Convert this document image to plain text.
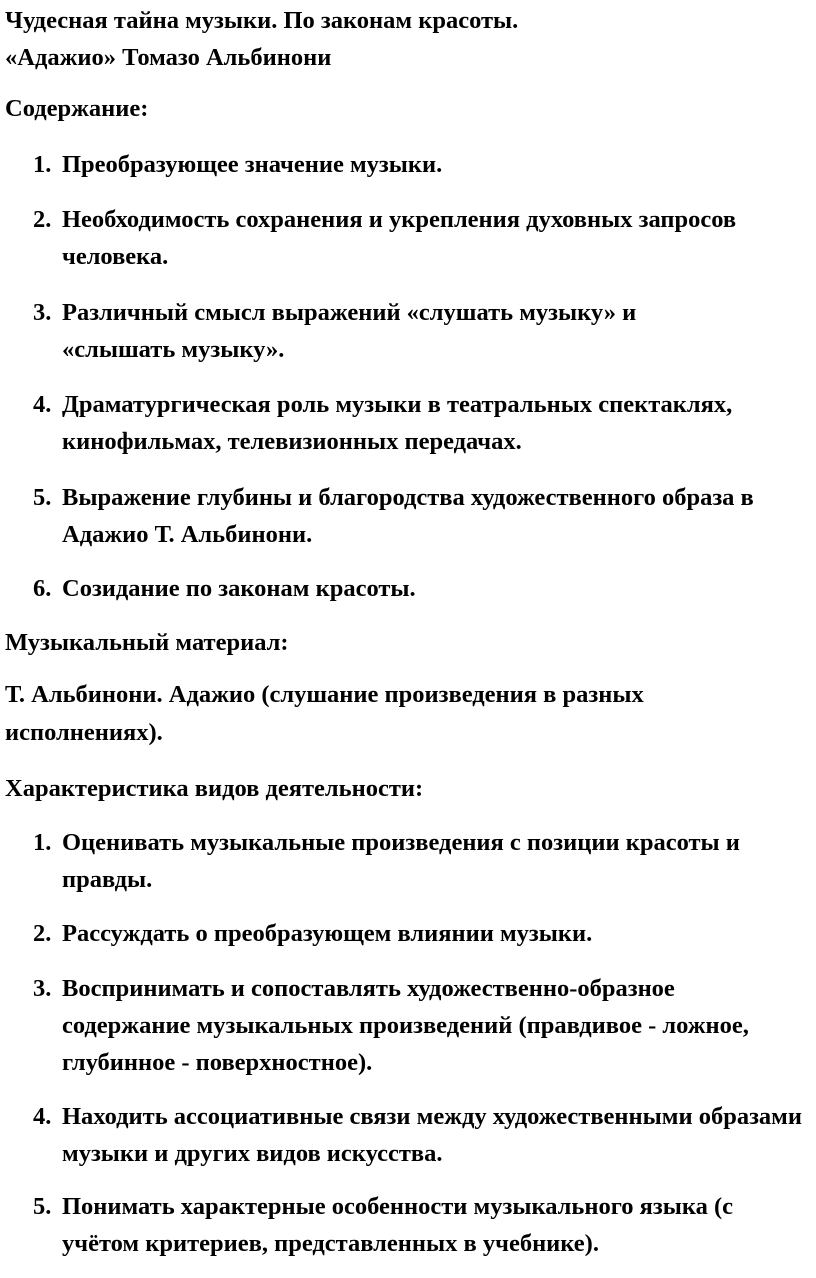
Чудесная тайна музыки. По законам красоты. «Адажио» Томазо Альбинони

Содержание:

1. Преобразующее значение музыки.
2. Необходимость сохранения и укрепления духовных запросов человека.
3. Различный смысл выражений «слушать музыку» и «слышать музыку».
4. Драматургическая роль музыки в театральных спектаклях, кинофильмах, телевизионных передачах.
5. Выражение глубины и благородства художественного образа в Адажио Т. Альбинони.
6. Созидание по законам красоты.

Музыкальный материал:

Т. Альбинони. Адажио (слушание произведения в разных исполнениях).

Характеристика видов деятельности:

1. Оценивать музыкальные произведения с позиции красоты и правды.
2. Рассуждать о преобразующем влиянии музыки.
3. Воспринимать и сопоставлять художественно-образное содержание музыкальных произведений (правдивое - ложное, глубинное - поверхностное).
4. Находить ассоциативные связи между художественными образами музыки и других видов искусства.
5. Понимать характерные особенности музыкального языка (с учётом критериев, представленных в учебнике).
